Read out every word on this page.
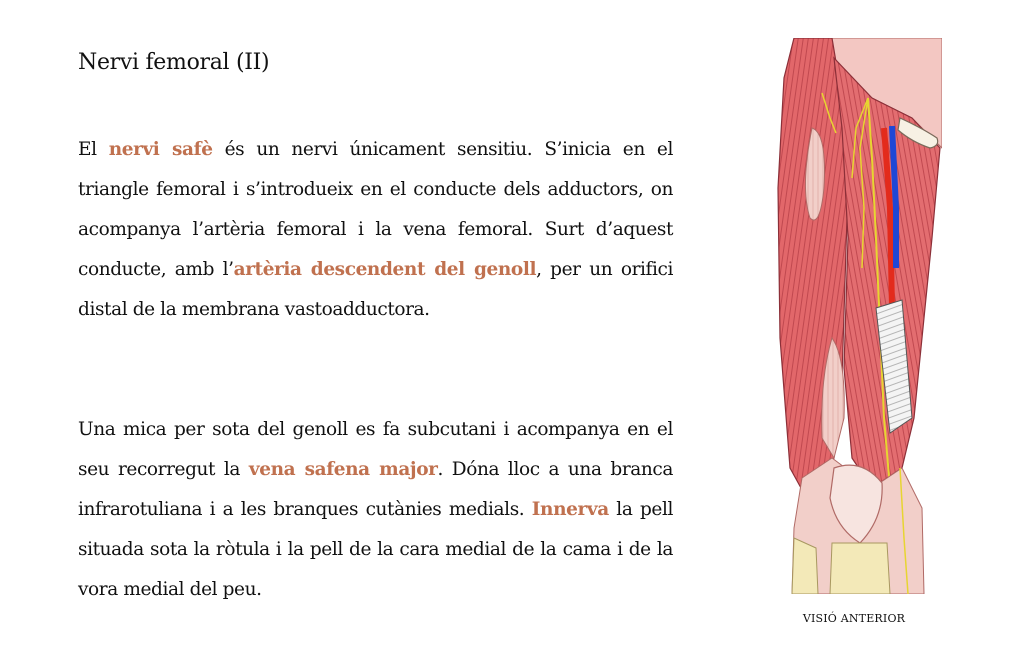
Nervi femoral (II)

El nervi safè és un nervi únicament sensitiu. S’inicia en el triangle femoral i s’introdueix en el conducte dels adductors, on acompanya l’artèria femoral i la vena femoral. Surt d’aquest conducte, amb l’artèria descendent del genoll, per un orifici distal de la membrana vastoadductora.

Una mica per sota del genoll es fa subcutani i acompanya en el seu recorregut la vena safena major. Dóna lloc a una branca infrarotuliana i a les branques cutànies medials. Innerva la pell situada sota la ròtula i la pell de la cara medial de la cama i de la vora medial del peu.

VISIÓ ANTERIOR
